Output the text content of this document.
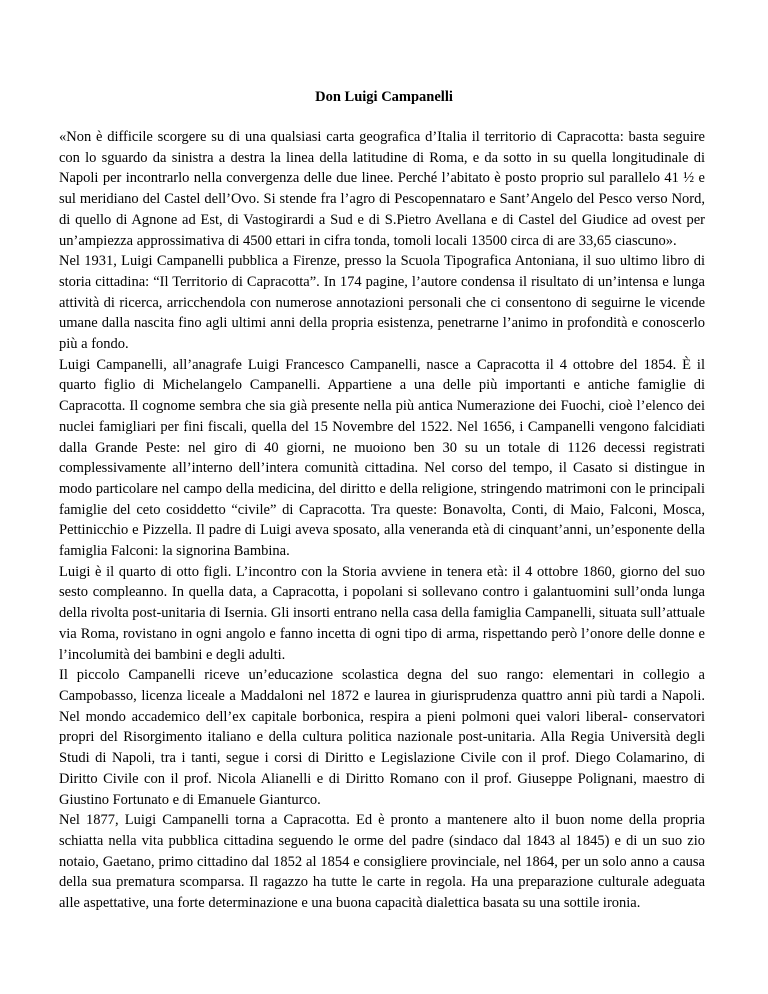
Don Luigi Campanelli

«Non è difficile scorgere su di una qualsiasi carta geografica d’Italia il territorio di Capracotta: basta seguire con lo sguardo da sinistra a destra la linea della latitudine di Roma, e da sotto in su quella longitudinale di Napoli per incontrarlo nella convergenza delle due linee. Perché l’abitato è posto proprio sul parallelo 41 ½ e sul meridiano del Castel dell’Ovo. Si stende fra l’agro di Pescopennataro e Sant’Angelo del Pesco verso Nord, di quello di Agnone ad Est, di Vastogirardi a Sud e di S.Pietro Avellana e di Castel del Giudice ad ovest per un’ampiezza approssimativa di 4500 ettari in cifra tonda, tomoli locali 13500 circa di are 33,65 ciascuno».

Nel 1931, Luigi Campanelli pubblica a Firenze, presso la Scuola Tipografica Antoniana, il suo ultimo libro di storia cittadina: “Il Territorio di Capracotta”. In 174 pagine, l’autore condensa il risultato di un’intensa e lunga attività di ricerca, arricchendola con numerose annotazioni personali che ci consentono di seguirne le vicende umane dalla nascita fino agli ultimi anni della propria esistenza, penetrarne l’animo in profondità e conoscerlo più a fondo.

Luigi Campanelli, all’anagrafe Luigi Francesco Campanelli, nasce a Capracotta il 4 ottobre del 1854. È il quarto figlio di Michelangelo Campanelli. Appartiene a una delle più importanti e antiche famiglie di Capracotta. Il cognome sembra che sia già presente nella più antica Numerazione dei Fuochi, cioè l’elenco dei nuclei famigliari per fini fiscali, quella del 15 Novembre del 1522. Nel 1656, i Campanelli vengono falcidiati dalla Grande Peste: nel giro di 40 giorni, ne muoiono ben 30 su un totale di 1126 decessi registrati complessivamente all’interno dell’intera comunità cittadina. Nel corso del tempo, il Casato si distingue in modo particolare nel campo della medicina, del diritto e della religione, stringendo matrimoni con le principali famiglie del ceto cosiddetto “civile” di Capracotta. Tra queste: Bonavolta, Conti, di Maio, Falconi, Mosca, Pettinicchio e Pizzella. Il padre di Luigi aveva sposato, alla veneranda età di cinquant’anni, un’esponente della famiglia Falconi: la signorina Bambina.

Luigi è il quarto di otto figli. L’incontro con la Storia avviene in tenera età: il 4 ottobre 1860, giorno del suo sesto compleanno. In quella data, a Capracotta, i popolani si sollevano contro i galantuomini sull’onda lunga della rivolta post-unitaria di Isernia. Gli insorti entrano nella casa della famiglia Campanelli, situata sull’attuale via Roma, rovistano in ogni angolo e fanno incetta di ogni tipo di arma, rispettando però l’onore delle donne e l’incolumità dei bambini e degli adulti.

Il piccolo Campanelli riceve un’educazione scolastica degna del suo rango: elementari in collegio a Campobasso, licenza liceale a Maddaloni nel 1872 e laurea in giurisprudenza quattro anni più tardi a Napoli. Nel mondo accademico dell’ex capitale borbonica, respira a pieni polmoni quei valori liberal- conservatori propri del Risorgimento italiano e della cultura politica nazionale post-unitaria. Alla Regia Università degli Studi di Napoli, tra i tanti, segue i corsi di Diritto e Legislazione Civile con il prof. Diego Colamarino, di Diritto Civile con il prof. Nicola Alianelli e di Diritto Romano con il prof. Giuseppe Polignani, maestro di Giustino Fortunato e di Emanuele Gianturco.

Nel 1877, Luigi Campanelli torna a Capracotta. Ed è pronto a mantenere alto il buon nome della propria schiatta nella vita pubblica cittadina seguendo le orme del padre (sindaco dal 1843 al 1845) e di un suo zio notaio, Gaetano, primo cittadino dal 1852 al 1854 e consigliere provinciale, nel 1864, per un solo anno a causa della sua prematura scomparsa. Il ragazzo ha tutte le carte in regola. Ha una preparazione culturale adeguata alle aspettative, una forte determinazione e una buona capacità dialettica basata su una sottile ironia.
